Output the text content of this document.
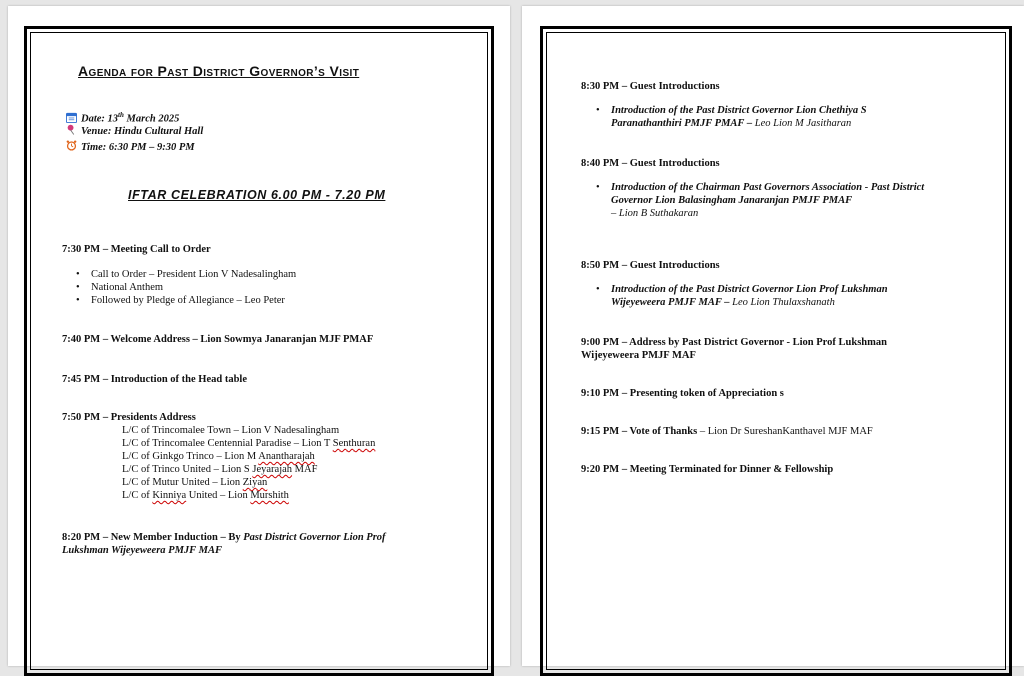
Agenda for Past District Governor’s Visit
Date: 13th March 2025
Venue: Hindu Cultural Hall
Time: 6:30 PM – 9:30 PM
IFTAR CELEBRATION 6.00 PM - 7.20 PM
7:30 PM – Meeting Call to Order
• Call to Order – President Lion V Nadesalingham
• National Anthem
• Followed by Pledge of Allegiance – Leo Peter
7:40 PM – Welcome Address – Lion Sowmya Janaranjan MJF PMAF
7:45 PM – Introduction of the Head table
7:50 PM – Presidents Address
L/C of Trincomalee Town – Lion V Nadesalingham
L/C of Trincomalee Centennial Paradise – Lion T Senthuran
L/C of Ginkgo Trinco – Lion M Anantharajah
L/C of Trinco United – Lion S Jeyarajah MAF
L/C of Mutur United – Lion Ziyan
L/C of Kinniya United – Lion Murshith
8:20 PM – New Member Induction – By Past District Governor Lion Prof
Lukshman Wijeyeweera PMJF MAF
8:30 PM – Guest Introductions
• Introduction of the Past District Governor Lion Chethiya S
Paranathanthiri PMJF PMAF – Leo Lion M Jasitharan
8:40 PM – Guest Introductions
• Introduction of the Chairman Past Governors Association - Past District
Governor Lion Balasingham Janaranjan PMJF PMAF
– Lion B Suthakaran
8:50 PM – Guest Introductions
• Introduction of the Past District Governor Lion Prof Lukshman
Wijeyeweera PMJF MAF – Leo Lion Thulaxshanath
9:00 PM – Address by Past District Governor - Lion Prof Lukshman
Wijeyeweera PMJF MAF
9:10 PM – Presenting token of Appreciation s
9:15 PM – Vote of Thanks – Lion Dr SureshanKanthavel MJF MAF
9:20 PM – Meeting Terminated for Dinner & Fellowship
